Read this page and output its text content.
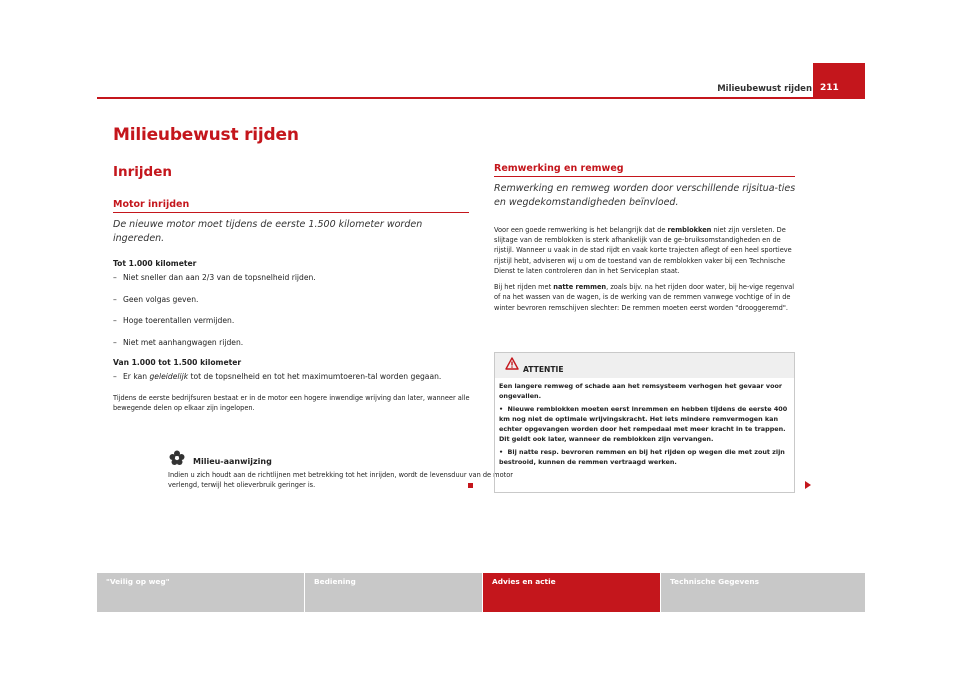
Milieubewust rijden 211
Milieubewust rijden
Inrijden
Motor inrijden
De nieuwe motor moet tijdens de eerste 1.500 kilometer worden ingereden.

Tot 1.000 kilometer

– Niet sneller dan aan 2/3 van de topsnelheid rijden.
– Geen volgas geven.
– Hoge toerentallen vermijden.
– Niet met aanhangwagen rijden.

Van 1.000 tot 1.500 kilometer

– Er kan geleidelijk tot de topsnelheid en tot het maximumtoeren-tal worden gegaan.

Tijdens de eerste bedrijfsuren bestaat er in de motor een hogere inwendige wrijving dan later, wanneer alle bewegende delen op elkaar zijn ingelopen.

Milieu-aanwijzing

Indien u zich houdt aan de richtlijnen met betrekking tot het inrijden, wordt de levensduur van de motor verlengd, terwijl het olieverbruik geringer is.

Remwerking en remweg
Remwerking en remweg worden door verschillende rijsitua-ties en wegdekomstandigheden beïnvloed.

Voor een goede remwerking is het belangrijk dat de remblokken niet zijn versleten. De slijtage van de remblokken is sterk afhankelijk van de ge-bruiksomstandigheden en de rijstijl. Wanneer u vaak in de stad rijdt en vaak korte trajecten aflegt of een heel sportieve rijstijl hebt, adviseren wij u om de toestand van de remblokken vaker bij een Technische Dienst te laten controleren dan in het Serviceplan staat.

Bij het rijden met natte remmen, zoals bijv. na het rijden door water, bij he-vige regenval of na het wassen van de wagen, is de werking van de remmen vanwege vochtige of in de winter bevroren remschijven slechter: De remmen moeten eerst worden "drooggeremd".

ATTENTIE

Een langere remweg of schade aan het remsysteem verhogen het gevaar voor ongevallen.

•  Nieuwe remblokken moeten eerst inremmen en hebben tijdens de eerste 400 km nog niet de optimale wrijvingskracht. Het iets mindere remvermogen kan echter opgevangen worden door het rempedaal met meer kracht in te trappen. Dit geldt ook later, wanneer de remblokken zijn vervangen.

•  Bij natte resp. bevroren remmen en bij het rijden op wegen die met zout zijn bestrooid, kunnen de remmen vertraagd werken.

"Veilig op weg"	Bediening	Advies en actie	Technische Gegevens
